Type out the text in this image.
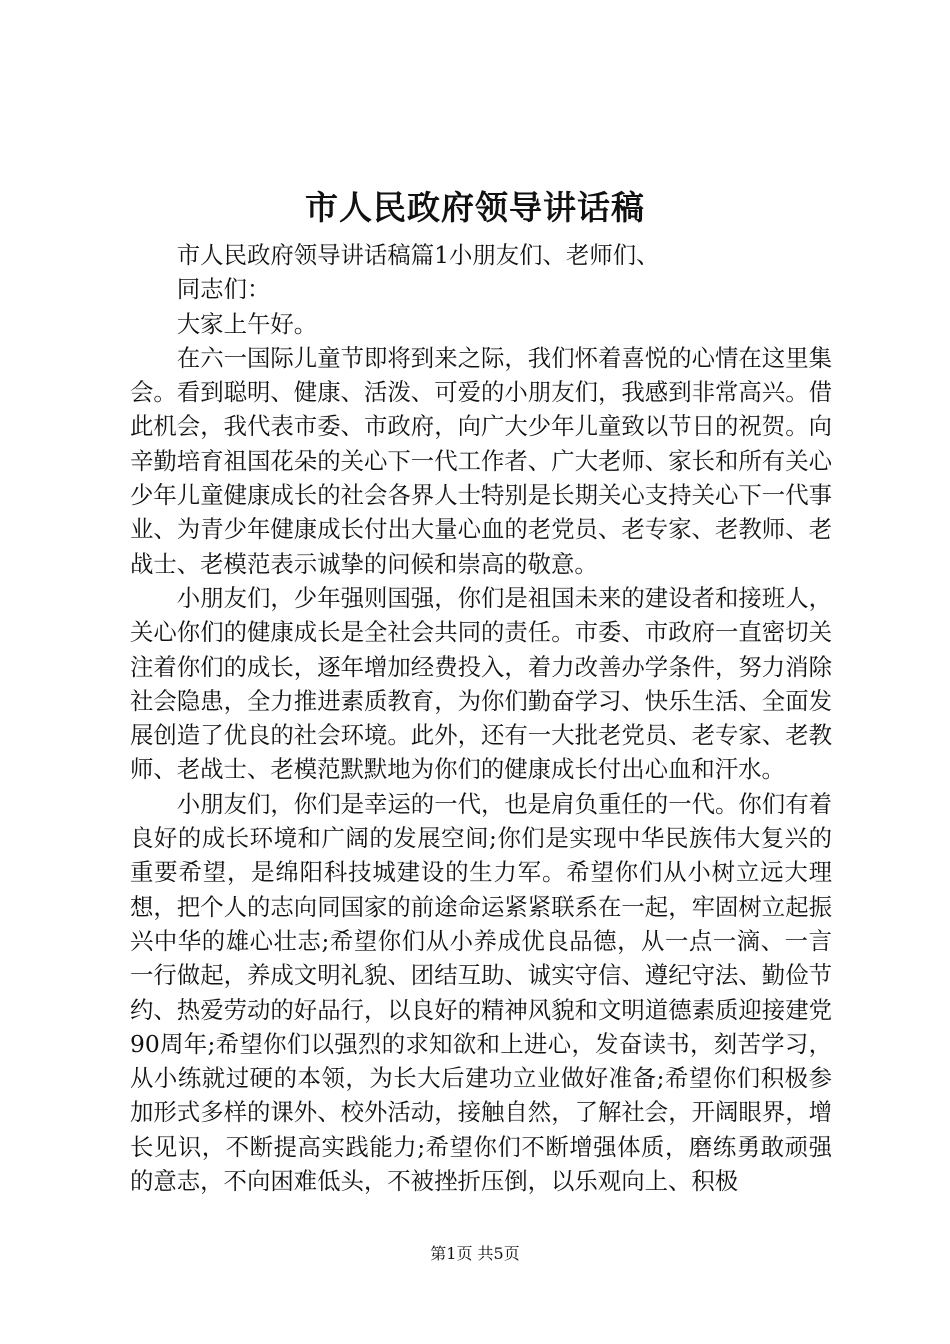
市人民政府领导讲话稿

市人民政府领导讲话稿篇1小朋友们、老师们、

同志们：

大家上午好。

在六一国际儿童节即将到来之际，我们怀着喜悦的心情在这里集会。看到聪明、健康、活泼、可爱的小朋友们，我感到非常高兴。借此机会，我代表市委、市政府，向广大少年儿童致以节日的祝贺。向辛勤培育祖国花朵的关心下一代工作者、广大老师、家长和所有关心少年儿童健康成长的社会各界人士特别是长期关心支持关心下一代事业、为青少年健康成长付出大量心血的老党员、老专家、老教师、老战士、老模范表示诚挚的问候和崇高的敬意。

小朋友们，少年强则国强，你们是祖国未来的建设者和接班人，关心你们的健康成长是全社会共同的责任。市委、市政府一直密切关注着你们的成长，逐年增加经费投入，着力改善办学条件，努力消除社会隐患，全力推进素质教育，为你们勤奋学习、快乐生活、全面发展创造了优良的社会环境。此外，还有一大批老党员、老专家、老教师、老战士、老模范默默地为你们的健康成长付出心血和汗水。

小朋友们，你们是幸运的一代，也是肩负重任的一代。你们有着良好的成长环境和广阔的发展空间;你们是实现中华民族伟大复兴的重要希望，是绵阳科技城建设的生力军。希望你们从小树立远大理想，把个人的志向同国家的前途命运紧紧联系在一起，牢固树立起振兴中华的雄心壮志;希望你们从小养成优良品德，从一点一滴、一言一行做起，养成文明礼貌、团结互助、诚实守信、遵纪守法、勤俭节约、热爱劳动的好品行，以良好的精神风貌和文明道德素质迎接建党90周年;希望你们以强烈的求知欲和上进心，发奋读书，刻苦学习，从小练就过硬的本领，为长大后建功立业做好准备;希望你们积极参加形式多样的课外、校外活动，接触自然，了解社会，开阔眼界，增长见识，不断提高实践能力;希望你们不断增强体质，磨练勇敢顽强的意志，不向困难低头，不被挫折压倒，以乐观向上、积极

第1页 共5页
